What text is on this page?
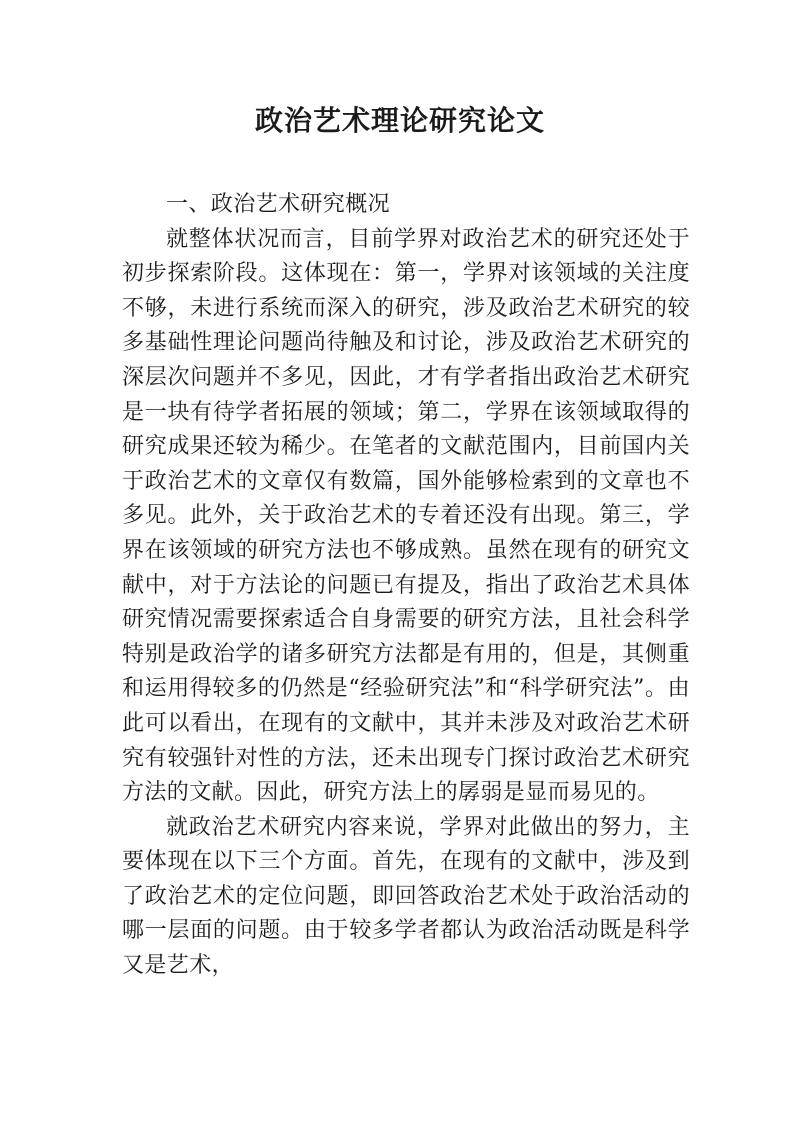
政治艺术理论研究论文

一、政治艺术研究概况

就整体状况而言，目前学界对政治艺术的研究还处于初步探索阶段。这体现在：第一，学界对该领域的关注度不够，未进行系统而深入的研究，涉及政治艺术研究的较多基础性理论问题尚待触及和讨论，涉及政治艺术研究的深层次问题并不多见，因此，才有学者指出政治艺术研究是一块有待学者拓展的领域；第二，学界在该领域取得的研究成果还较为稀少。在笔者的文献范围内，目前国内关于政治艺术的文章仅有数篇，国外能够检索到的文章也不多见。此外，关于政治艺术的专着还没有出现。第三，学界在该领域的研究方法也不够成熟。虽然在现有的研究文献中，对于方法论的问题已有提及，指出了政治艺术具体研究情况需要探索适合自身需要的研究方法，且社会科学特别是政治学的诸多研究方法都是有用的，但是，其侧重和运用得较多的仍然是“经验研究法”和“科学研究法”。由此可以看出，在现有的文献中，其并未涉及对政治艺术研究有较强针对性的方法，还未出现专门探讨政治艺术研究方法的文献。因此，研究方法上的孱弱是显而易见的。

就政治艺术研究内容来说，学界对此做出的努力，主要体现在以下三个方面。首先，在现有的文献中，涉及到了政治艺术的定位问题，即回答政治艺术处于政治活动的哪一层面的问题。由于较多学者都认为政治活动既是科学又是艺术，
